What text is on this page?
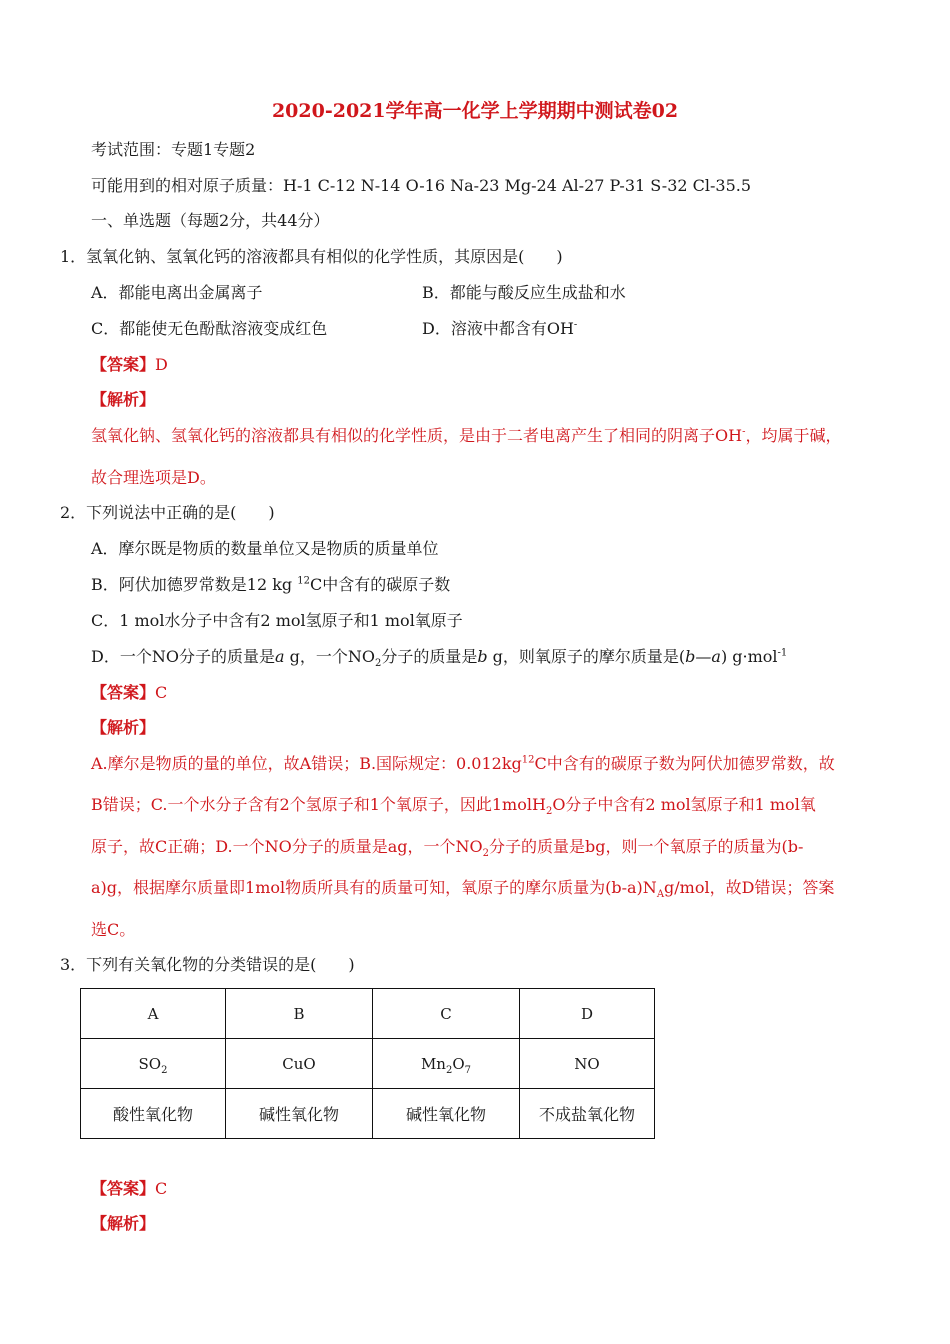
2020-2021学年高一化学上学期期中测试卷02
考试范围：专题1专题2
可能用到的相对原子质量：H-1 C-12 N-14 O-16 Na-23 Mg-24 Al-27 P-31 S-32 Cl-35.5
一、单选题（每题2分，共44分）
1．氢氧化钠、氢氧化钙的溶液都具有相似的化学性质，其原因是(　　)
A．都能电离出金属离子	B．都能与酸反应生成盐和水
C．都能使无色酚酞溶液变成红色	D．溶液中都含有OH-
【答案】D
【解析】
氢氧化钠、氢氧化钙的溶液都具有相似的化学性质，是由于二者电离产生了相同的阴离子OH-，均属于碱，
故合理选项是D。
2．下列说法中正确的是(　　)
A．摩尔既是物质的数量单位又是物质的质量单位
B．阿伏加德罗常数是12 kg $^{12}$C中含有的碳原子数
C．1 mol水分子中含有2 mol氢原子和1 mol氧原子
D．一个NO分子的质量是a g，一个$NO_2$分子的质量是b g，则氧原子的摩尔质量是(b—a) g·mol$^{-1}$
【答案】C
【解析】
A.摩尔是物质的量的单位，故A错误；B.国际规定：$0.012kg^{12}C$中含有的碳原子数为阿伏加德罗常数，故
B错误；C.一个水分子含有2个氢原子和1个氧原子，因此1molH$_2$O分子中含有2 mol氢原子和1 mol氧
原子，故C正确；D.一个NO分子的质量是ag，一个$NO_2$分子的质量是bg，则一个氧原子的质量为(b-
a)g，根据摩尔质量即1mol物质所具有的质量可知，氧原子的摩尔质量为$(b-a)N_Ag$/mol，故D错误；答案
选C。
3．下列有关氧化物的分类错误的是(　　)
A	B	C	D
$SO_2$	CuO	$Mn_2O_7$	NO
酸性氧化物	碱性氧化物	碱性氧化物	不成盐氧化物
【答案】C
【解析】
